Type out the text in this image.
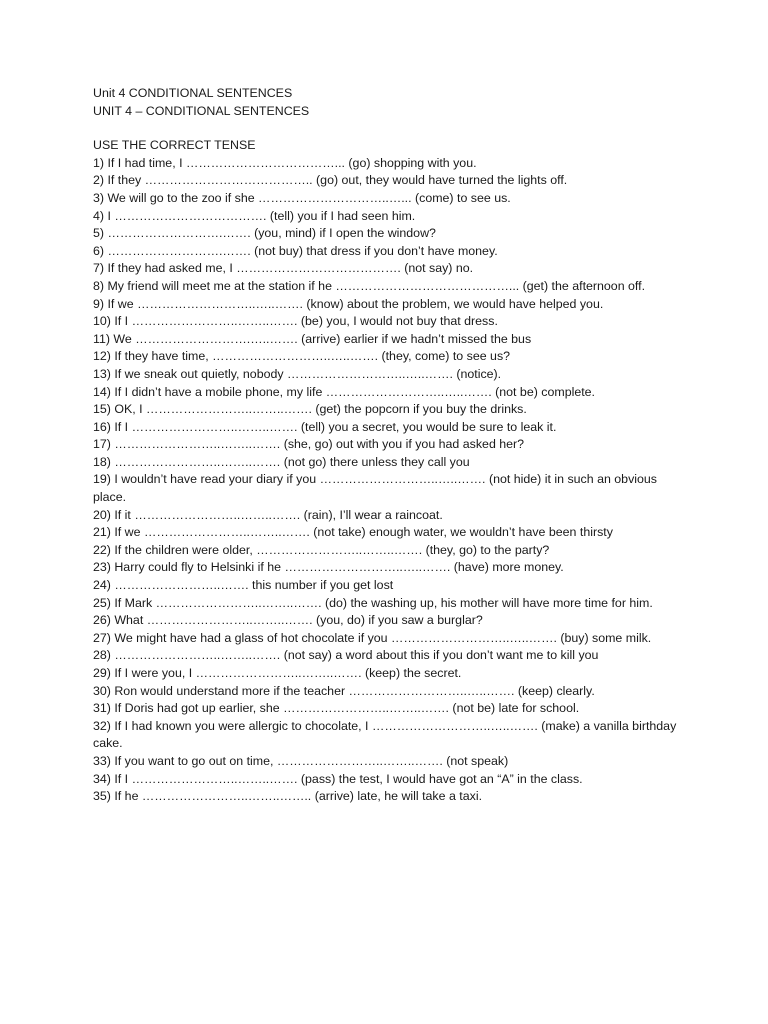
Unit 4 CONDITIONAL SENTENCES

UNIT 4 – CONDITIONAL SENTENCES

USE THE CORRECT TENSE

1) If I had time, I ………………………………... (go) shopping with you.
2) If they ………………………………….. (go) out, they would have turned the lights off.
3) We will go to the zoo if she …………………………..…... (come) to see us.
4) I ………………………………. (tell) you if I had seen him.
5) ……………………….……. (you, mind) if I open the window?
6) ……………………….……. (not buy) that dress if you don’t have money.
7) If they had asked me, I …………………………………. (not say) no.
8) My friend will meet me at the station if he ……………………………………... (get) the afternoon off.
9) If we ………………………..…..……. (know) about the problem, we would have helped you.
10) If I ……………………..……..……. (be) you, I would not buy that dress.
11) We ……………………….…..……. (arrive) earlier if we hadn’t missed the bus
12) If they have time, ………………………..…..……. (they, come) to see us?
13) If we sneak out quietly, nobody ………………………..…..……. (notice).
14) If I didn’t have a mobile phone, my life ………………………..…..……. (not be) complete.
15) OK, I ……………………..……..……. (get) the popcorn if you buy the drinks.
16) If I ……………………..……..……. (tell) you a secret, you would be sure to leak it.
17) ……………………..……..……. (she, go) out with you if you had asked her?
18) ……………………..……..……. (not go) there unless they call you
19) I wouldn’t have read your diary if you ………………………..…..……. (not hide) it in such an obvious place.
20) If it ……………………..……..……. (rain), I’ll wear a raincoat.
21) If we ……………………..……..……. (not take) enough water, we wouldn’t have been thirsty
22) If the children were older, ……………………..……..……. (they, go) to the party?
23) Harry could fly to Helsinki if he ………………………..…..……. (have) more money.
24) ……………………..……. this number if you get lost
25) If Mark ……………………..……..……. (do) the washing up, his mother will have more time for him.
26) What ……………………..……..……. (you, do) if you saw a burglar?
27) We might have had a glass of hot chocolate if you ………………………..…..……. (buy) some milk.
28) ……………………..……..……. (not say) a word about this if you don’t want me to kill you
29) If I were you, I ……………………..……..……. (keep) the secret.
30) Ron would understand more if the teacher ………………………..…..……. (keep) clearly.
31) If Doris had got up earlier, she ……………………..……..……. (not be) late for school.
32) If I had known you were allergic to chocolate, I ………………………..…..……. (make) a vanilla birthday cake.
33) If you want to go out on time, ……………………..……..……. (not speak)
34) If I ……………………..……..……. (pass) the test, I would have got an “A” in the class.
35) If he ……………………..……..…….. (arrive) late, he will take a taxi.
